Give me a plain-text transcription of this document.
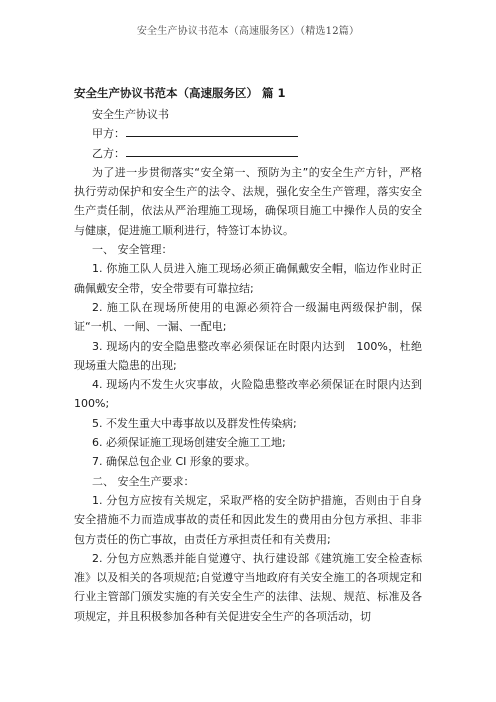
安全生产协议书范本（高速服务区）（精选12篇）
安全生产协议书范本（高速服务区） 篇 1

安全生产协议书

甲方：

乙方：

为了进一步贯彻落实“安全第一、预防为主”的安全生产方针，严格执行劳动保护和安全生产的法令、法规，强化安全生产管理，落实安全生产责任制，依法从严治理施工现场，确保项目施工中操作人员的安全与健康，促进施工顺利进行，特签订本协议。

一、 安全管理：

1. 你施工队人员进入施工现场必须正确佩戴安全帽，临边作业时正确佩戴安全带，安全带要有可靠拉结;

2. 施工队在现场所使用的电源必须符合一级漏电两级保护制，保证“一机、一闸、一漏、一配电;

3. 现场内的安全隐患整改率必须保证在时限内达到　100%，杜绝现场重大隐患的出现;

4. 现场内不发生火灾事故，火险隐患整改率必须保证在时限内达到 100%;

5. 不发生重大中毒事故以及群发性传染病;

6. 必须保证施工现场创建安全施工工地;

7. 确保总包企业 CI 形象的要求。

二、 安全生产要求：

1. 分包方应按有关规定，采取严格的安全防护措施，否则由于自身安全措施不力而造成事故的责任和因此发生的费用由分包方承担、非非包方责任的伤亡事故，由责任方承担责任和有关费用;

2. 分包方应熟悉并能自觉遵守、执行建设部《建筑施工安全检查标准》以及相关的各项规范;自觉遵守当地政府有关安全施工的各项规定和行业主管部门颁发实施的有关安全生产的法律、法规、规范、标准及各项规定，并且积极参加各种有关促进安全生产的各项活动，切
